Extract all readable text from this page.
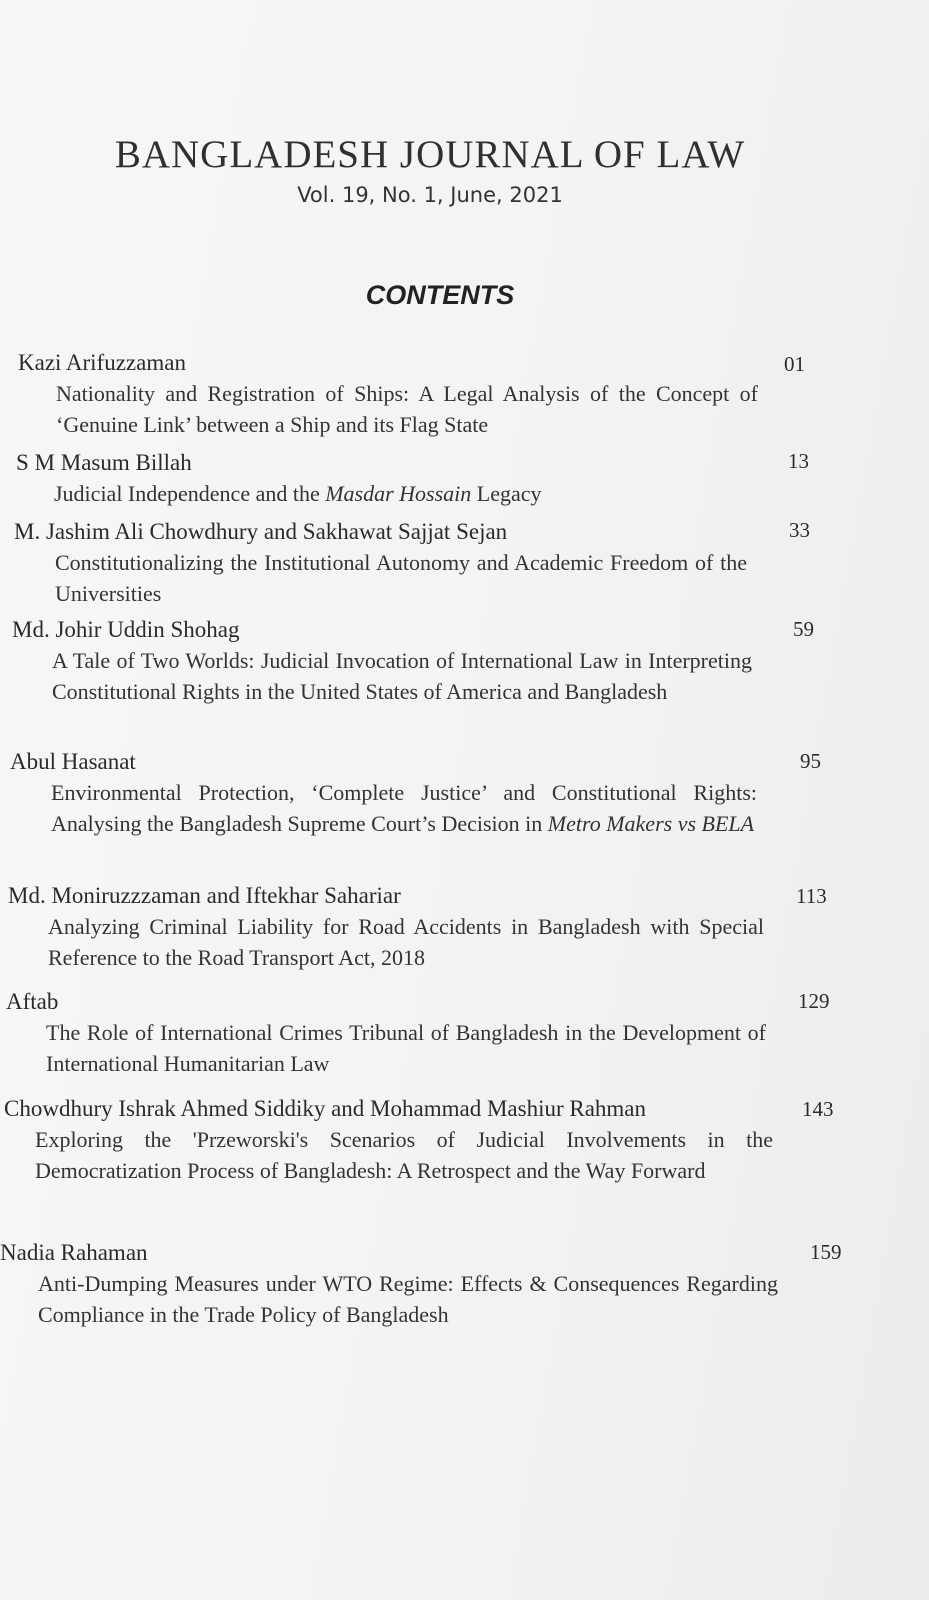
BANGLADESH JOURNAL OF LAW
Vol. 19, No. 1, June, 2021
CONTENTS
Kazi Arifuzzaman
Nationality and Registration of Ships: A Legal Analysis of the Concept of ‘Genuine Link’ between a Ship and its Flag State
01
S M Masum Billah
Judicial Independence and the Masdar Hossain Legacy
13
M. Jashim Ali Chowdhury and Sakhawat Sajjat Sejan
Constitutionalizing the Institutional Autonomy and Academic Freedom of the Universities
33
Md. Johir Uddin Shohag
A Tale of Two Worlds: Judicial Invocation of International Law in Interpreting Constitutional Rights in the United States of America and Bangladesh
59
Abul Hasanat
Environmental Protection, ‘Complete Justice’ and Constitutional Rights: Analysing the Bangladesh Supreme Court’s Decision in Metro Makers vs BELA
95
Md. Moniruzzzaman and Iftekhar Sahariar
Analyzing Criminal Liability for Road Accidents in Bangladesh with Special Reference to the Road Transport Act, 2018
113
Aftab
The Role of International Crimes Tribunal of Bangladesh in the Development of International Humanitarian Law
129
Chowdhury Ishrak Ahmed Siddiky and Mohammad Mashiur Rahman
Exploring the 'Przeworski's Scenarios of Judicial Involvements in the Democratization Process of Bangladesh: A Retrospect and the Way Forward
143
Nadia Rahaman
Anti-Dumping Measures under WTO Regime: Effects & Consequences Regarding Compliance in the Trade Policy of Bangladesh
159
